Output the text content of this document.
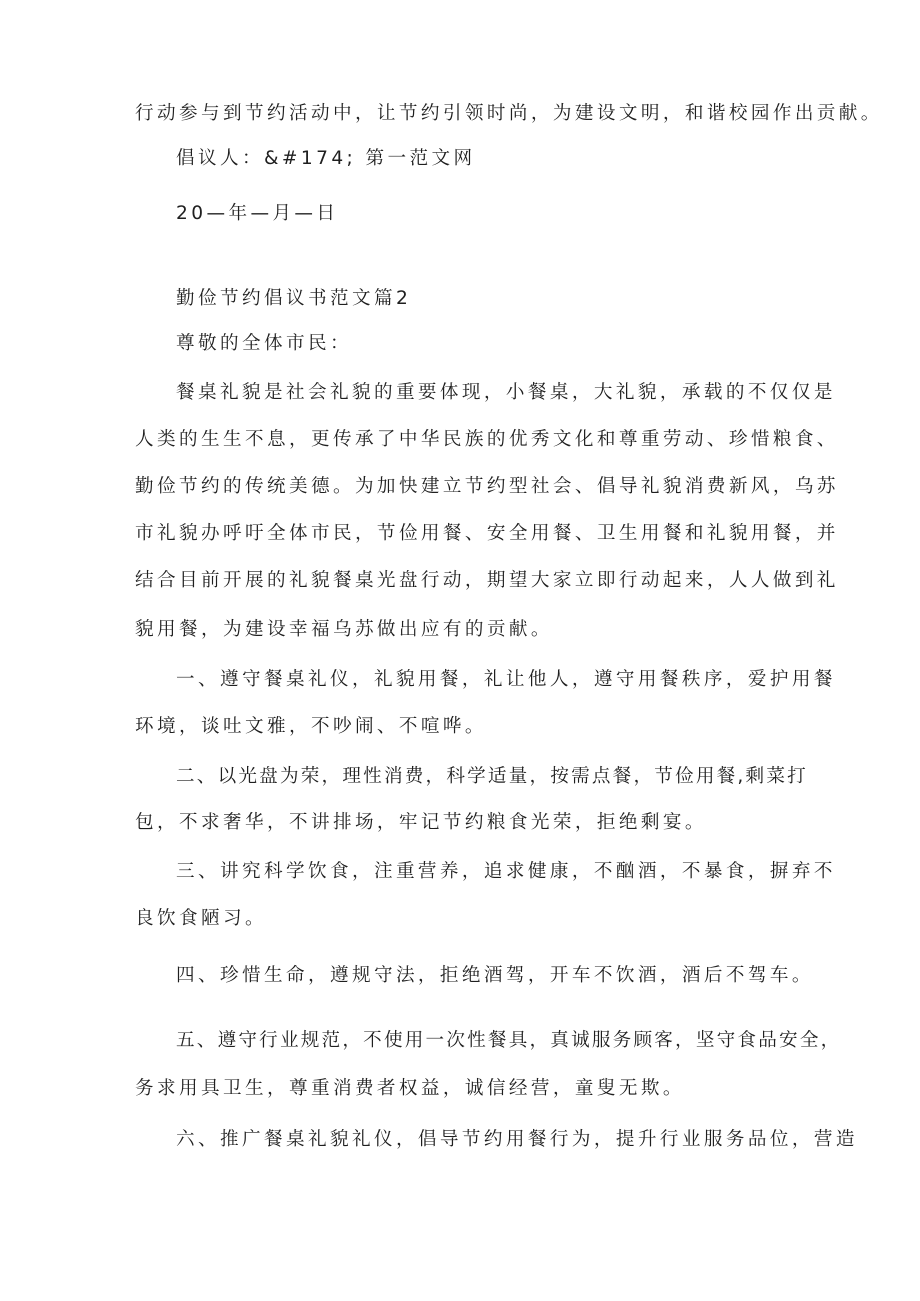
行动参与到节约活动中，让节约引领时尚，为建设文明，和谐校园作出贡献。
倡议人：&#174; 第一范文网
20—年—月—日
勤俭节约倡议书范文篇2
尊敬的全体市民：
餐桌礼貌是社会礼貌的重要体现，小餐桌，大礼貌，承载的不仅仅是
人类的生生不息，更传承了中华民族的优秀文化和尊重劳动、珍惜粮食、
勤俭节约的传统美德。为加快建立节约型社会、倡导礼貌消费新风，乌苏
市礼貌办呼吁全体市民，节俭用餐、安全用餐、卫生用餐和礼貌用餐，并
结合目前开展的礼貌餐桌光盘行动，期望大家立即行动起来，人人做到礼
貌用餐，为建设幸福乌苏做出应有的贡献。
一、遵守餐桌礼仪，礼貌用餐，礼让他人，遵守用餐秩序，爱护用餐
环境，谈吐文雅，不吵闹、不喧哗。
二、以光盘为荣，理性消费，科学适量，按需点餐，节俭用餐,剩菜打
包，不求奢华，不讲排场，牢记节约粮食光荣，拒绝剩宴。
三、讲究科学饮食，注重营养，追求健康，不酗酒，不暴食，摒弃不
良饮食陋习。
四、珍惜生命，遵规守法，拒绝酒驾，开车不饮酒，酒后不驾车。
五、遵守行业规范，不使用一次性餐具，真诚服务顾客，坚守食品安全，
务求用具卫生，尊重消费者权益，诚信经营，童叟无欺。
六、推广餐桌礼貌礼仪，倡导节约用餐行为，提升行业服务品位，营造
